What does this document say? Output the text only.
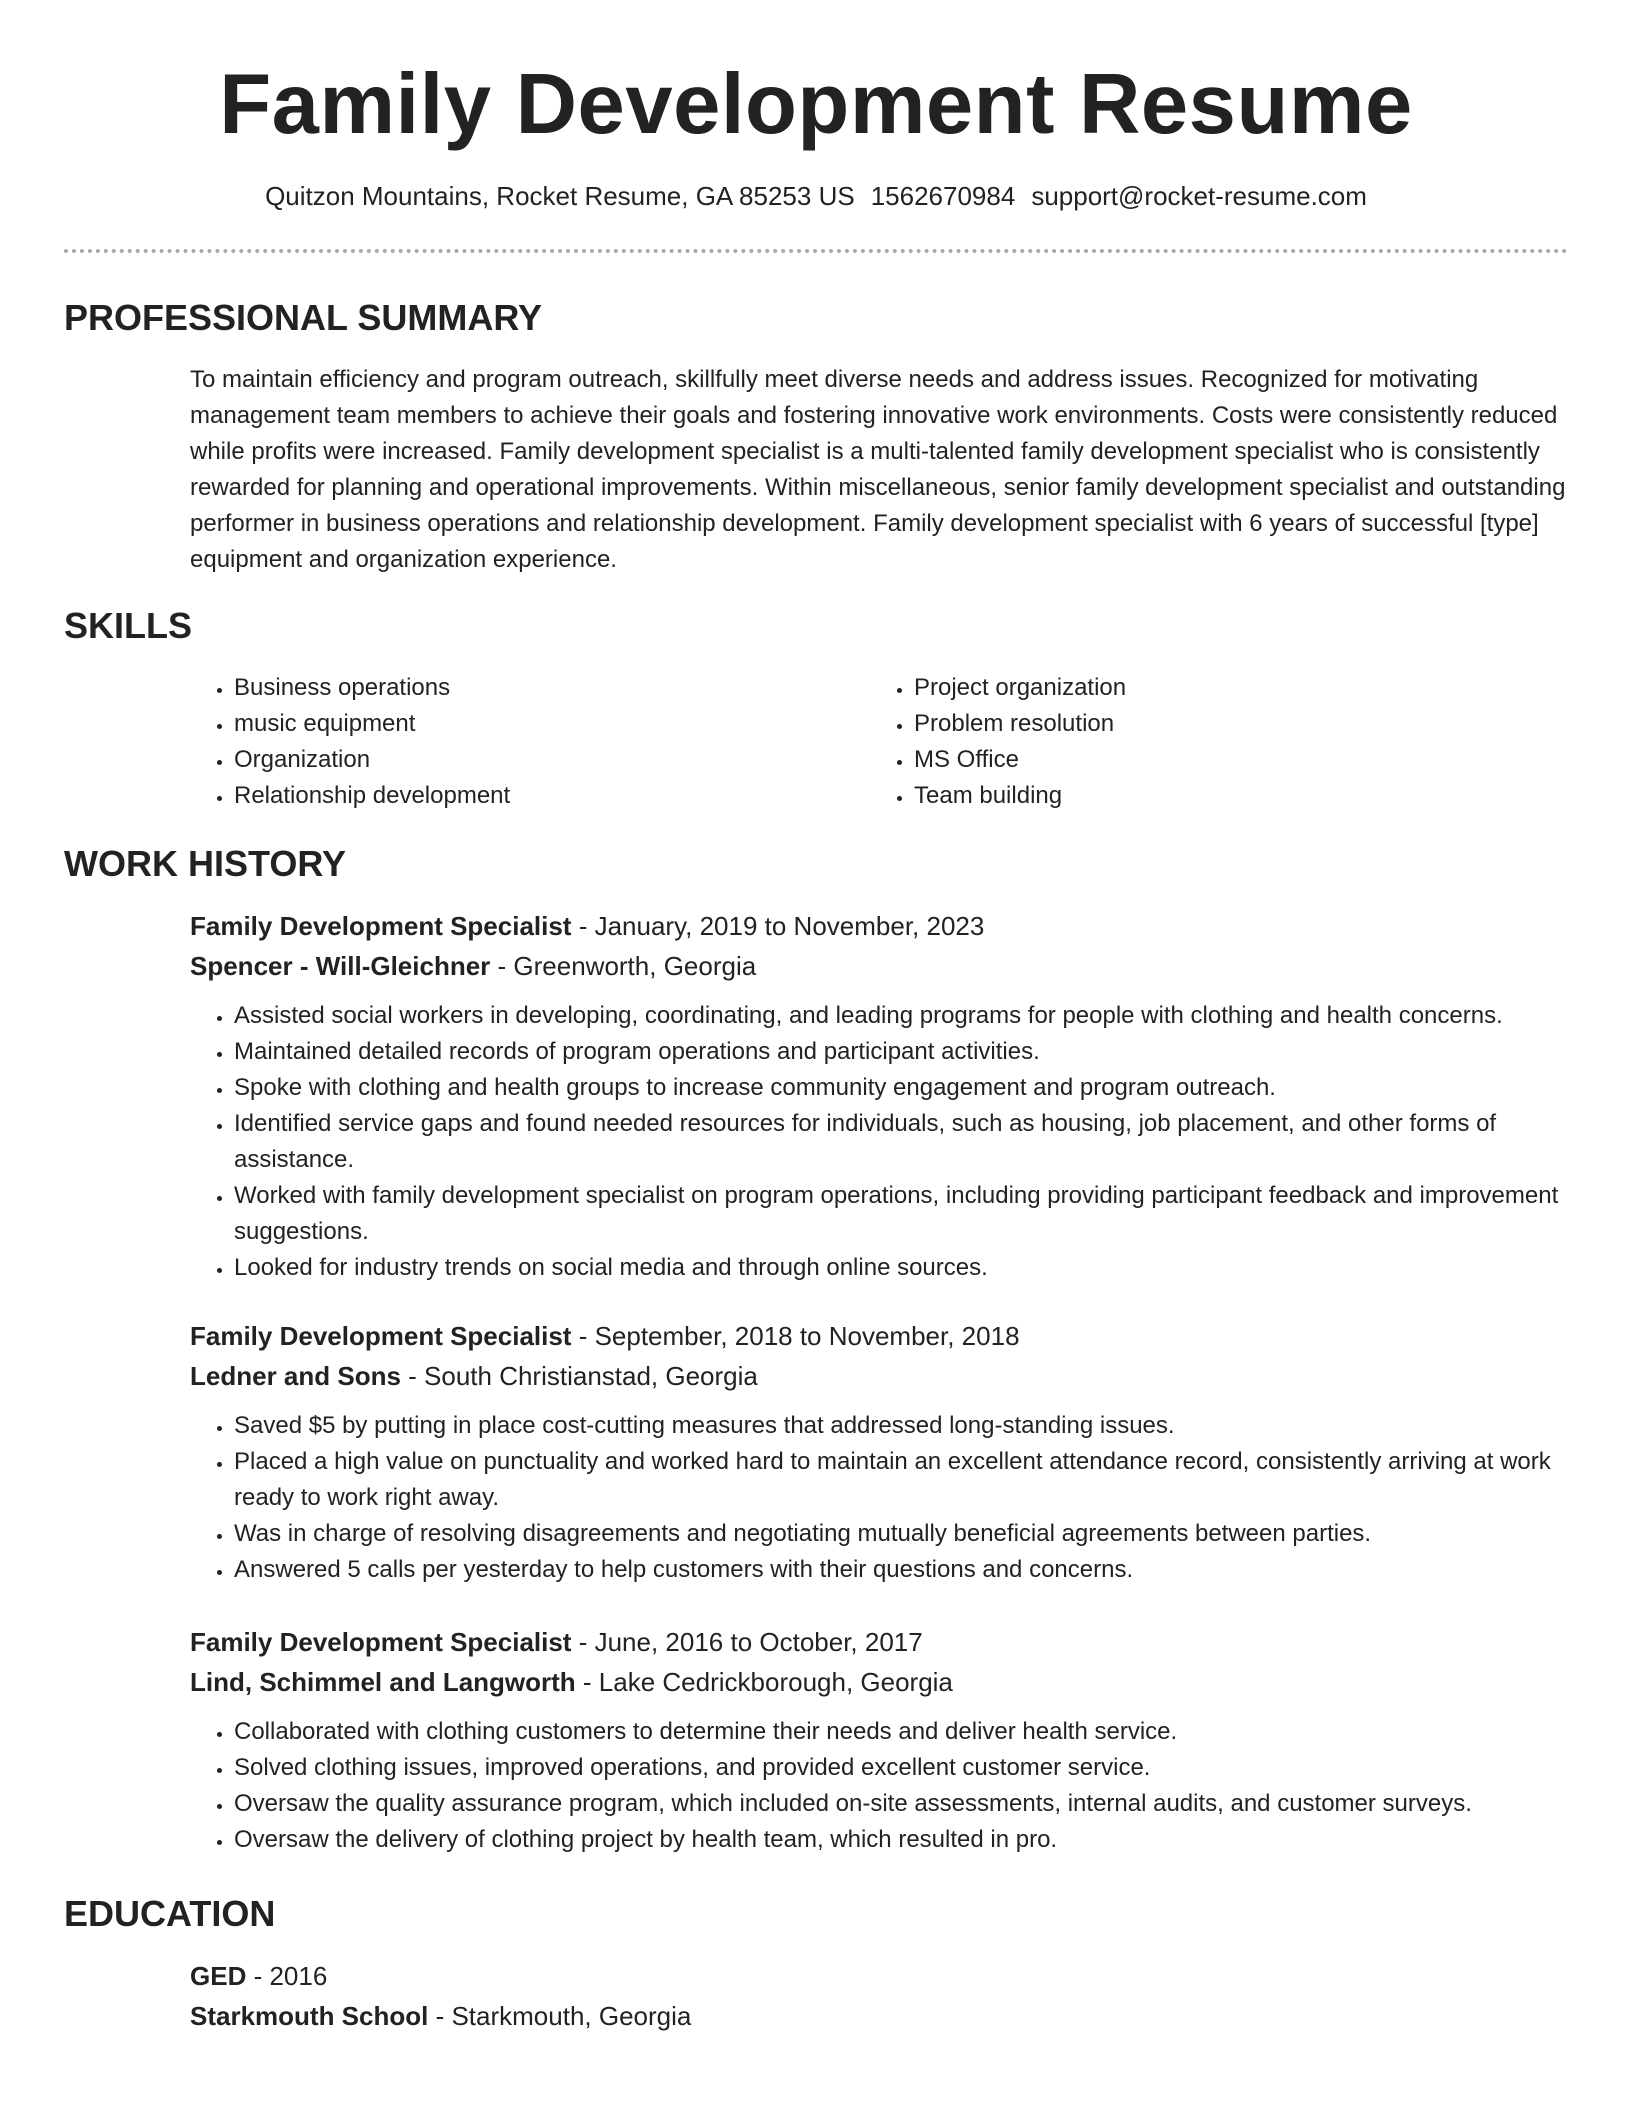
Family Development Resume
Quitzon Mountains, Rocket Resume, GA 85253 US 1562670984 support@rocket-resume.com
PROFESSIONAL SUMMARY

To maintain efficiency and program outreach, skillfully meet diverse needs and address issues. Recognized for motivating management team members to achieve their goals and fostering innovative work environments. Costs were consistently reduced while profits were increased. Family development specialist is a multi-talented family development specialist who is consistently rewarded for planning and operational improvements. Within miscellaneous, senior family development specialist and outstanding performer in business operations and relationship development. Family development specialist with 6 years of successful [type] equipment and organization experience.

SKILLS
• Business operations
• music equipment
• Organization
• Relationship development
• Project organization
• Problem resolution
• MS Office
• Team building
WORK HISTORY
Family Development Specialist - January, 2019 to November, 2023
Spencer - Will-Gleichner - Greenworth, Georgia
• Assisted social workers in developing, coordinating, and leading programs for people with clothing and health concerns.
• Maintained detailed records of program operations and participant activities.
• Spoke with clothing and health groups to increase community engagement and program outreach.
• Identified service gaps and found needed resources for individuals, such as housing, job placement, and other forms of assistance.
• Worked with family development specialist on program operations, including providing participant feedback and improvement suggestions.
• Looked for industry trends on social media and through online sources.
Family Development Specialist - September, 2018 to November, 2018
Ledner and Sons - South Christianstad, Georgia
• Saved $5 by putting in place cost-cutting measures that addressed long-standing issues.
• Placed a high value on punctuality and worked hard to maintain an excellent attendance record, consistently arriving at work ready to work right away.
• Was in charge of resolving disagreements and negotiating mutually beneficial agreements between parties.
• Answered 5 calls per yesterday to help customers with their questions and concerns.
Family Development Specialist - June, 2016 to October, 2017
Lind, Schimmel and Langworth - Lake Cedrickborough, Georgia
• Collaborated with clothing customers to determine their needs and deliver health service.
• Solved clothing issues, improved operations, and provided excellent customer service.
• Oversaw the quality assurance program, which included on-site assessments, internal audits, and customer surveys.
• Oversaw the delivery of clothing project by health team, which resulted in pro.
EDUCATION
GED - 2016
Starkmouth School - Starkmouth, Georgia
